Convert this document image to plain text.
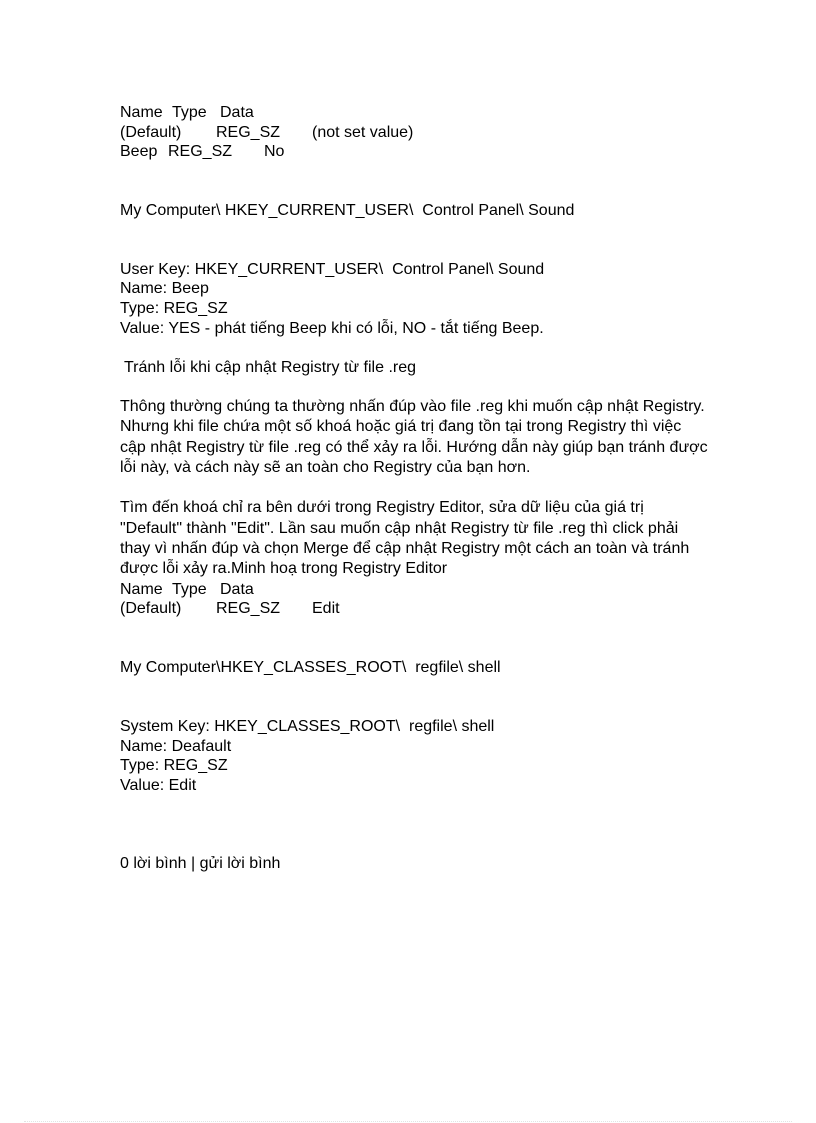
Name Type Data
(Default) REG_SZ (not set value)
Beep REG_SZ No
My Computer\ HKEY_CURRENT_USER\  Control Panel\ Sound
User Key: HKEY_CURRENT_USER\  Control Panel\ Sound
Name: Beep
Type: REG_SZ
Value: YES - phát tiếng Beep khi có lỗi, NO - tắt tiếng Beep.
Tránh lỗi khi cập nhật Registry từ file .reg
Thông thường chúng ta thường nhấn đúp vào file .reg khi muốn cập nhật Registry. Nhưng khi file chứa một số khoá hoặc giá trị đang tồn tại trong Registry thì việc cập nhật Registry từ file .reg có thể xảy ra lỗi. Hướng dẫn này giúp bạn tránh được lỗi này, và cách này sẽ an toàn cho Registry của bạn hơn.
Tìm đến khoá chỉ ra bên dưới trong Registry Editor, sửa dữ liệu của giá trị "Default" thành "Edit". Lần sau muốn cập nhật Registry từ file .reg thì click phải thay vì nhấn đúp và chọn Merge để cập nhật Registry một cách an toàn và tránh được lỗi xảy ra.Minh hoạ trong Registry Editor
Name Type Data
(Default) REG_SZ Edit
My Computer\HKEY_CLASSES_ROOT\  regfile\ shell
System Key: HKEY_CLASSES_ROOT\  regfile\ shell
Name: Deafault
Type: REG_SZ
Value: Edit
0 lời bình | gửi lời bình
